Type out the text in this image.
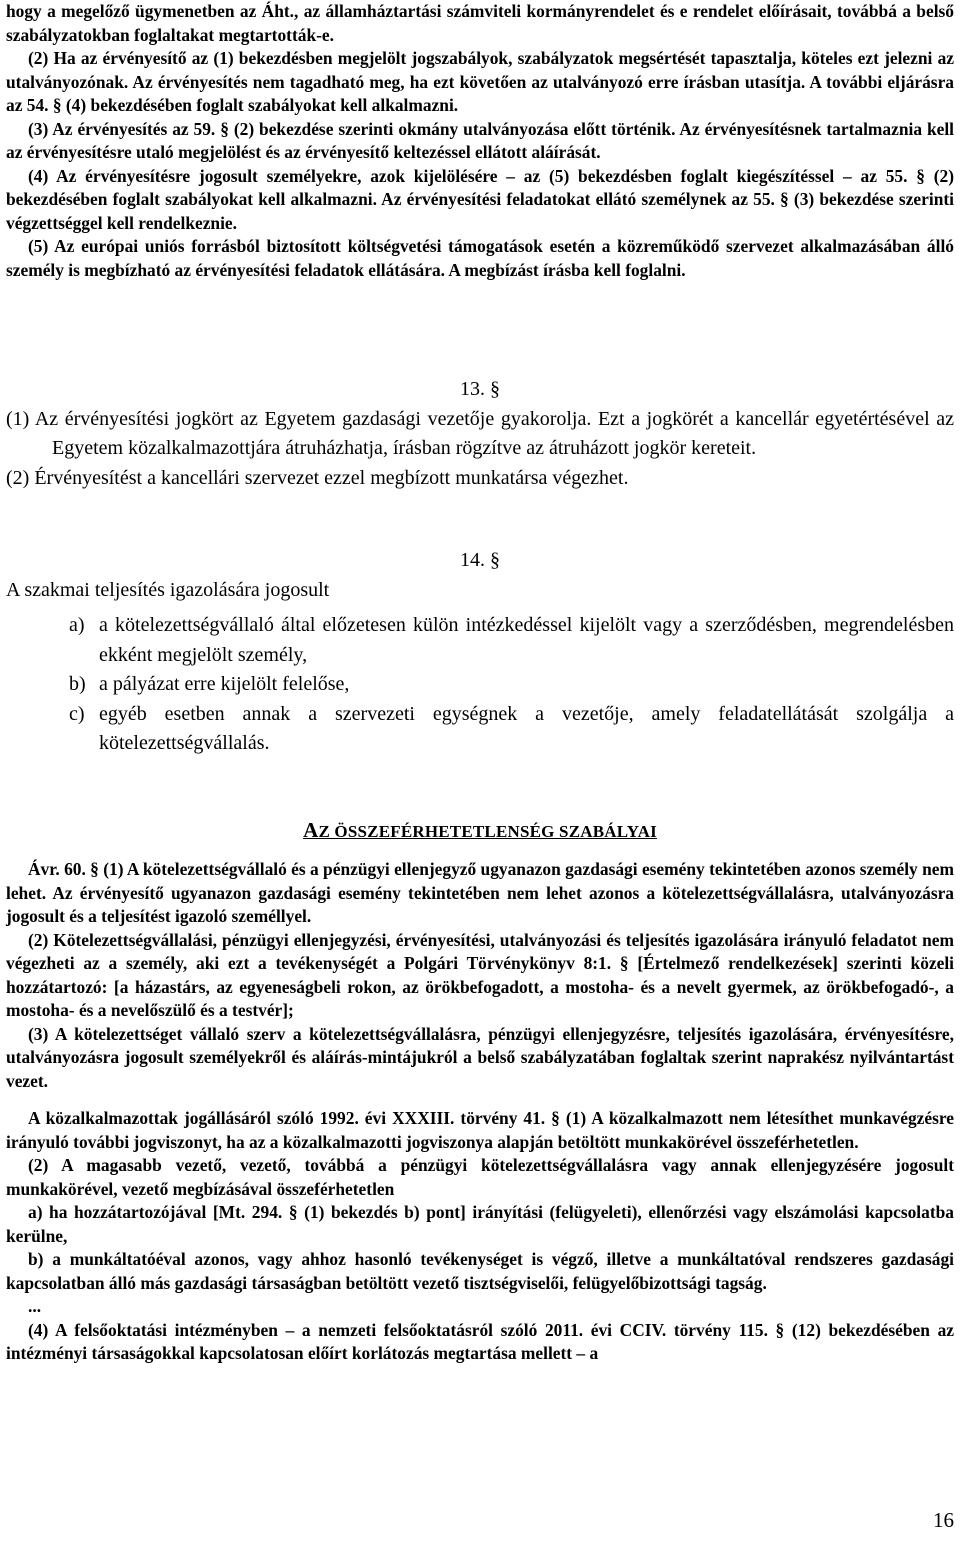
hogy a megelőző ügymenetben az Áht., az államháztartási számviteli kormányrendelet és e rendelet előírásait, továbbá a belső szabályzatokban foglaltakat megtartották-e.

(2) Ha az érvényesítő az (1) bekezdésben megjelölt jogszabályok, szabályzatok megsértését tapasztalja, köteles ezt jelezni az utalványozónak. Az érvényesítés nem tagadható meg, ha ezt követően az utalványozó erre írásban utasítja. A további eljárásra az 54. § (4) bekezdésében foglalt szabályokat kell alkalmazni.

(3) Az érvényesítés az 59. § (2) bekezdése szerinti okmány utalványozása előtt történik. Az érvényesítésnek tartalmaznia kell az érvényesítésre utaló megjelölést és az érvényesítő keltezéssel ellátott aláírását.

(4) Az érvényesítésre jogosult személyekre, azok kijelölésére – az (5) bekezdésben foglalt kiegészítéssel – az 55. § (2) bekezdésében foglalt szabályokat kell alkalmazni. Az érvényesítési feladatokat ellátó személynek az 55. § (3) bekezdése szerinti végzettséggel kell rendelkeznie.

(5) Az európai uniós forrásból biztosított költségvetési támogatások esetén a közreműködő szervezet alkalmazásában álló személy is megbízható az érvényesítési feladatok ellátására. A megbízást írásba kell foglalni.

13. §

(1) Az érvényesítési jogkört az Egyetem gazdasági vezetője gyakorolja. Ezt a jogkörét a kancellár egyetértésével az Egyetem közalkalmazottjára átruházhatja, írásban rögzítve az átruházott jogkör kereteit.

(2) Érvényesítést a kancellári szervezet ezzel megbízott munkatársa végezhet.

14. §

A szakmai teljesítés igazolására jogosult

a) a kötelezettségvállaló által előzetesen külön intézkedéssel kijelölt vagy a szerződésben, megrendelésben ekként megjelölt személy,
b) a pályázat erre kijelölt felelőse,
c) egyéb esetben annak a szervezeti egységnek a vezetője, amely feladatellátását szolgálja a kötelezettségvállalás.
AZ ÖSSZEFÉRHETETLENSÉG SZABÁLYAI

Ávr. 60. § (1) A kötelezettségvállaló és a pénzügyi ellenjegyző ugyanazon gazdasági esemény tekintetében azonos személy nem lehet. Az érvényesítő ugyanazon gazdasági esemény tekintetében nem lehet azonos a kötelezettségvállalásra, utalványozásra jogosult és a teljesítést igazoló személlyel.

(2) Kötelezettségvállalási, pénzügyi ellenjegyzési, érvényesítési, utalványozási és teljesítés igazolására irányuló feladatot nem végezheti az a személy, aki ezt a tevékenységét a Polgári Törvénykönyv 8:1. § [Értelmező rendelkezések] szerinti közeli hozzátartozó: [a házastárs, az egyeneságbeli rokon, az örökbefogadott, a mostoha- és a nevelt gyermek, az örökbefogadó-, a mostoha- és a nevelőszülő és a testvér];

(3) A kötelezettséget vállaló szerv a kötelezettségvállalásra, pénzügyi ellenjegyzésre, teljesítés igazolására, érvényesítésre, utalványozásra jogosult személyekről és aláírás-mintájukról a belső szabályzatában foglaltak szerint naprakész nyilvántartást vezet.

A közalkalmazottak jogállásáról szóló 1992. évi XXXIII. törvény 41. § (1) A közalkalmazott nem létesíthet munkavégzésre irányuló további jogviszonyt, ha az a közalkalmazotti jogviszonya alapján betöltött munkakörével összeférhetetlen.

(2) A magasabb vezető, vezető, továbbá a pénzügyi kötelezettségvállalásra vagy annak ellenjegyzésére jogosult munkakörével, vezető megbízásával összeférhetetlen

a) ha hozzátartozójával [Mt. 294. § (1) bekezdés b) pont] irányítási (felügyeleti), ellenőrzési vagy elszámolási kapcsolatba kerülne,

b) a munkáltatóéval azonos, vagy ahhoz hasonló tevékenységet is végző, illetve a munkáltatóval rendszeres gazdasági kapcsolatban álló más gazdasági társaságban betöltött vezető tisztségviselői, felügyelőbizottsági tagság.

...

(4) A felsőoktatási intézményben – a nemzeti felsőoktatásról szóló 2011. évi CCIV. törvény 115. § (12) bekezdésében az intézményi társaságokkal kapcsolatosan előírt korlátozás megtartása mellett – a

16
